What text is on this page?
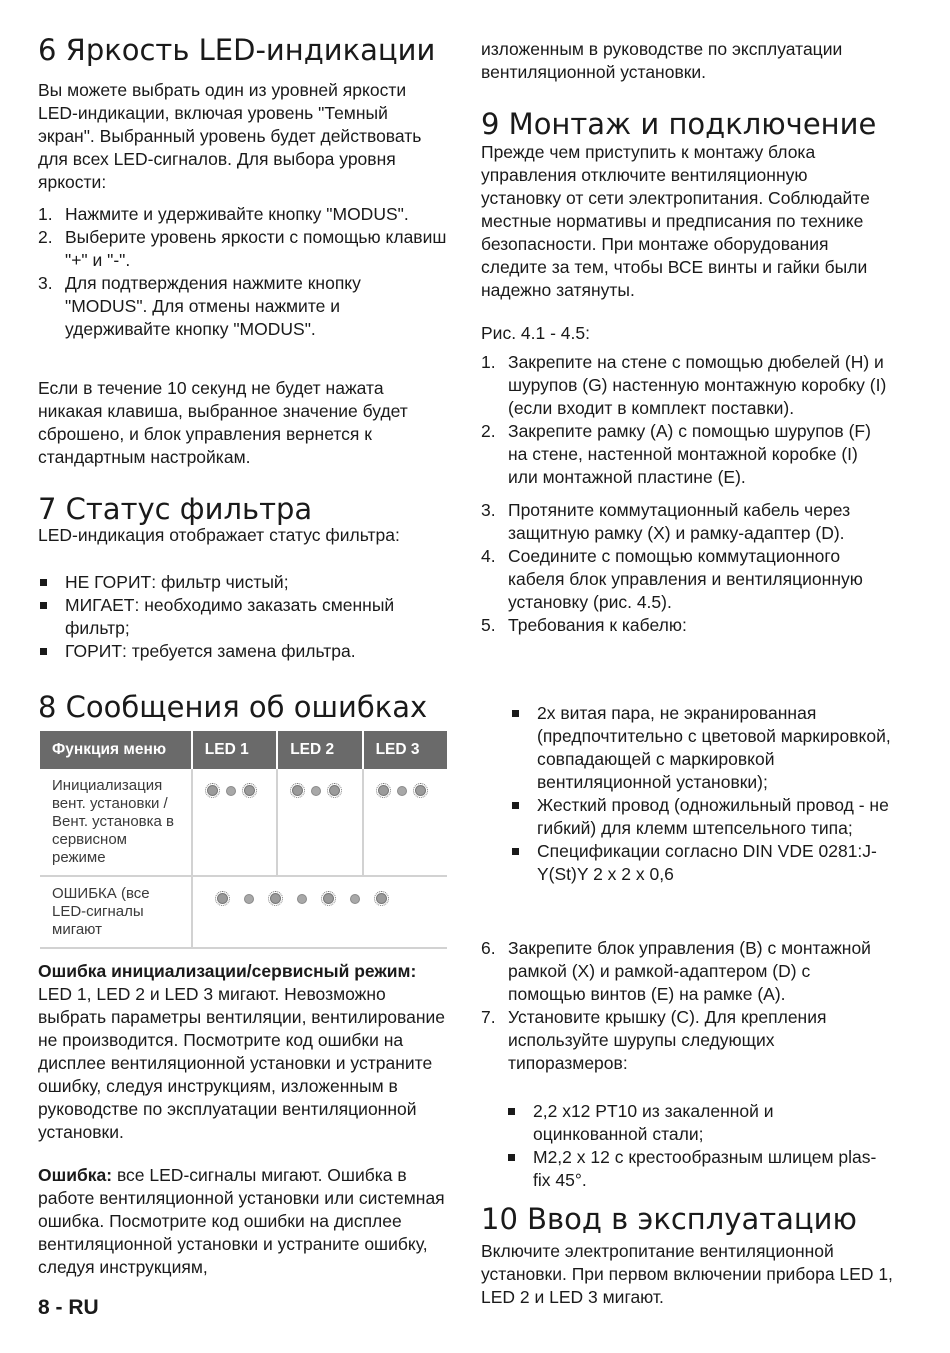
6 Яркость LED-индикации

Вы можете выбрать один из уровней яркости LED-индикации, включая уровень "Темный экран". Выбранный уровень будет действовать для всех LED-сигналов. Для выбора уровня яркости:

1. Нажмите и удерживайте кнопку "MODUS".
2. Выберите уровень яркости с помощью клавиш "+" и "-".
3. Для подтверждения нажмите кнопку "MODUS". Для отмены нажмите и удерживайте кнопку "MODUS".

Если в течение 10 секунд не будет нажата никакая клавиша, выбранное значение будет сброшено, и блок управления вернется к стандартным настройкам.

7 Статус фильтра

LED-индикация отображает статус фильтра:

НЕ ГОРИТ: фильтр чистый;
МИГАЕТ: необходимо заказать сменный фильтр;
ГОРИТ: требуется замена фильтра.
8 Сообщения об ошибках
Функция меню	LED 1	LED 2	LED 3
Инициализация вент. установки / Вент. установка в сервисном режиме	

ОШИБКА (все LED-сигналы мигают			

Ошибка инициализации/сервисный режим: LED 1, LED 2 и LED 3 мигают. Невозможно выбрать параметры вентиляции, вентилирование не производится. Посмотрите код ошибки на дисплее вентиляционной установки и устраните ошибку, следуя инструкциям, изложенным в руководстве по эксплуатации вентиляционной установки.

Ошибка: все LED-сигналы мигают. Ошибка в работе вентиляционной установки или системная ошибка. Посмотрите код ошибки на дисплее вентиляционной установки и устраните ошибку, следуя инструкциям,

изложенным в руководстве по эксплуатации вентиляционной установки.

9 Монтаж и подключение

Прежде чем приступить к монтажу блока управления отключите вентиляционную установку от сети электропитания. Соблюдайте местные нормативы и предписания по технике безопасности. При монтаже оборудования следите за тем, чтобы ВСЕ винты и гайки были надежно затянуты.

Рис. 4.1 - 4.5:

1. Закрепите на стене с помощью дюбелей (H) и шурупов (G) настенную монтажную коробку (I) (если входит в комплект поставки).
2. Закрепите рамку (A) с помощью шурупов (F) на стене, настенной монтажной коробке (I) или монтажной пластине (E).
3. Протяните коммутационный кабель через защитную рамку (X) и рамку-адаптер (D).
4. Соедините с помощью коммутационного кабеля блок управления и вентиляционную установку (рис. 4.5).
5. Требования к кабелю:
2x витая пара, не экранированная (предпочтительно с цветовой маркировкой, совпадающей с маркировкой вентиляционной установки);
Жесткий провод (одножильный провод - не гибкий) для клемм штепсельного типа;
Спецификации согласно DIN VDE 0281:J-Y(St)Y 2 x 2 x 0,6
6. Закрепите блок управления (B) с монтажной рамкой (X) и рамкой-адаптером (D) с помощью винтов (E) на рамке (A).
7. Установите крышку (C). Для крепления используйте шурупы следующих типоразмеров:
2,2 x12 PT10 из закаленной и оцинкованной стали;
M2,2 x 12 с крестообразным шлицем plas-fix 45°.
10 Ввод в эксплуатацию

Включите электропитание вентиляционной установки. При первом включении прибора LED 1, LED 2 и LED 3 мигают.

8 - RU
